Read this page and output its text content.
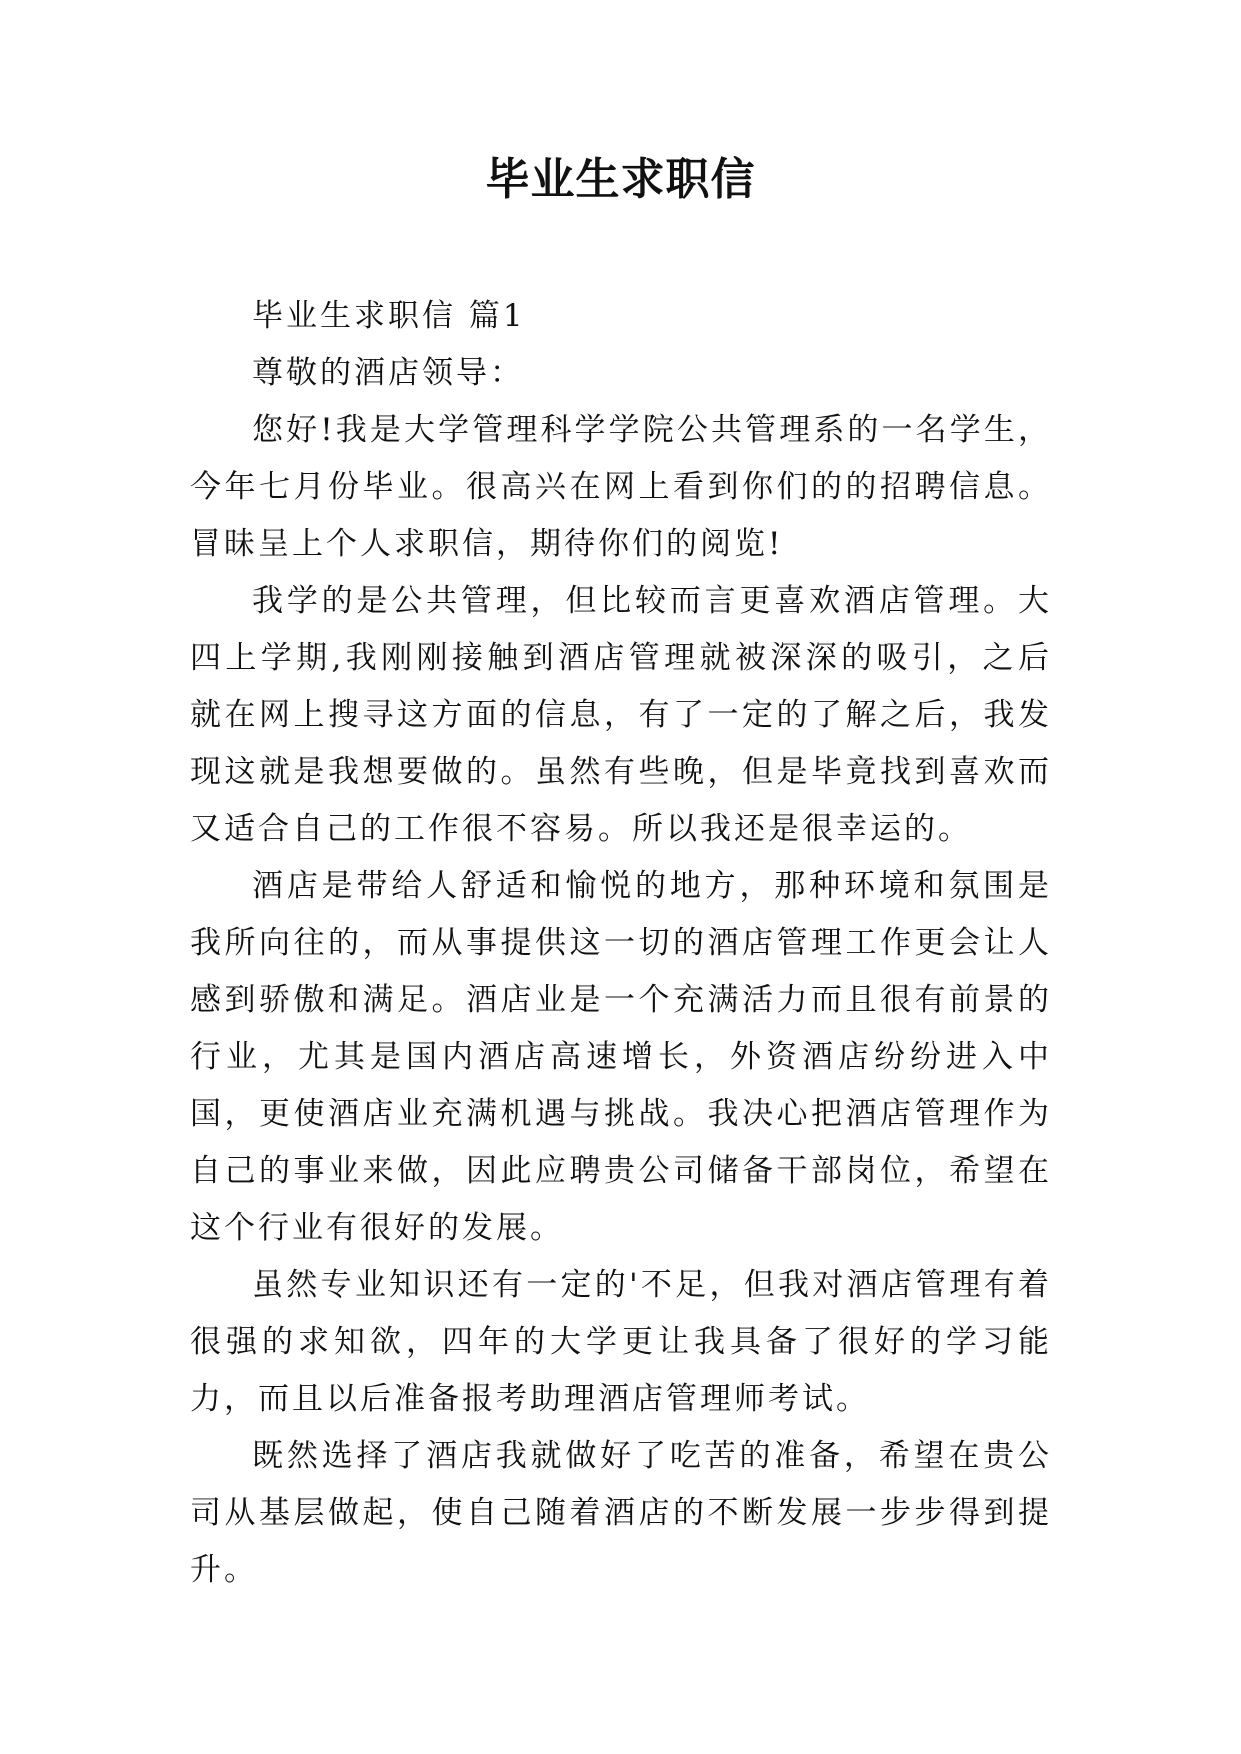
毕业生求职信

毕业生求职信 篇1

尊敬的酒店领导：

您好!我是大学管理科学学院公共管理系的一名学生，今年七月份毕业。很高兴在网上看到你们的的招聘信息。冒昧呈上个人求职信，期待你们的阅览!

我学的是公共管理，但比较而言更喜欢酒店管理。大四上学期,我刚刚接触到酒店管理就被深深的吸引，之后就在网上搜寻这方面的信息，有了一定的了解之后，我发现这就是我想要做的。虽然有些晚，但是毕竟找到喜欢而又适合自己的工作很不容易。所以我还是很幸运的。

酒店是带给人舒适和愉悦的地方，那种环境和氛围是我所向往的，而从事提供这一切的酒店管理工作更会让人感到骄傲和满足。酒店业是一个充满活力而且很有前景的行业，尤其是国内酒店高速增长，外资酒店纷纷进入中国，更使酒店业充满机遇与挑战。我决心把酒店管理作为自己的事业来做，因此应聘贵公司储备干部岗位，希望在这个行业有很好的发展。

虽然专业知识还有一定的'不足，但我对酒店管理有着很强的求知欲，四年的大学更让我具备了很好的学习能力，而且以后准备报考助理酒店管理师考试。

既然选择了酒店我就做好了吃苦的准备，希望在贵公司从基层做起，使自己随着酒店的不断发展一步步得到提升。
